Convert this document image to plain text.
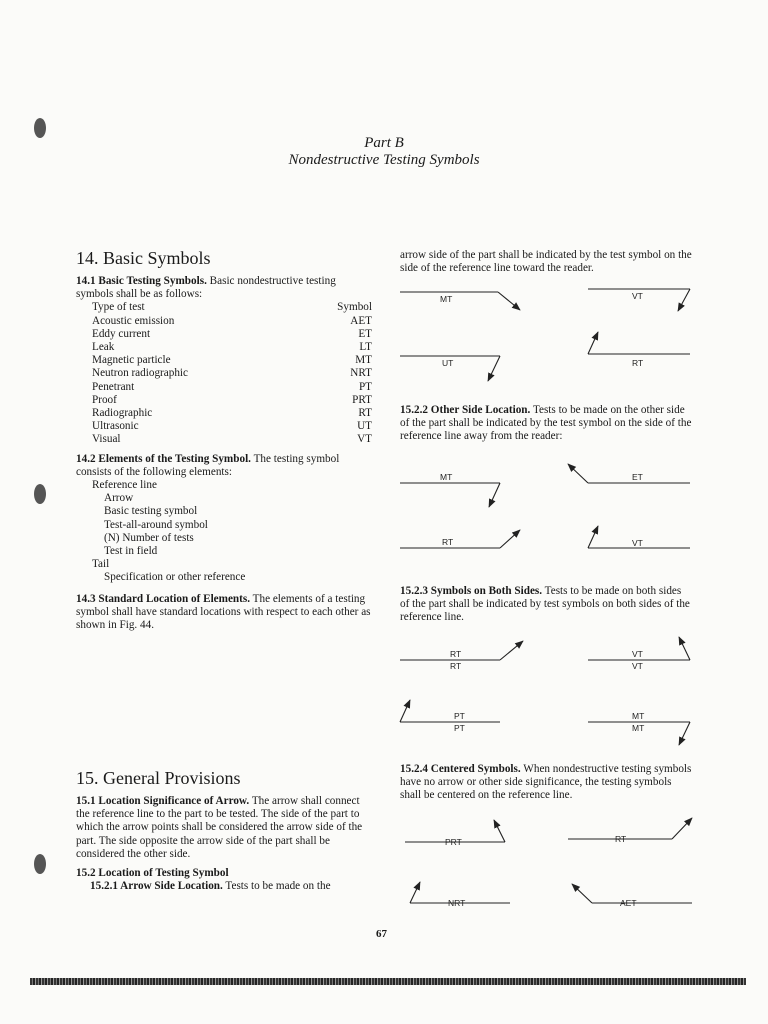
Part B
Nondestructive Testing Symbols
14. Basic Symbols
14.1 Basic Testing Symbols. Basic nondestructive testing symbols shall be as follows:
Type of test	Symbol
Acoustic emission	AET
Eddy current	ET
Leak	LT
Magnetic particle	MT
Neutron radiographic	NRT
Penetrant	PT
Proof	PRT
Radiographic	RT
Ultrasonic	UT
Visual	VT
14.2 Elements of the Testing Symbol. The testing symbol consists of the following elements:
Reference line
Arrow
Basic testing symbol
Test-all-around symbol
(N) Number of tests
Test in field
Tail
Specification or other reference
14.3 Standard Location of Elements. The elements of a testing symbol shall have standard locations with respect to each other as shown in Fig. 44.
15. General Provisions
15.1 Location Significance of Arrow. The arrow shall connect the reference line to the part to be tested. The side of the part to which the arrow points shall be considered the arrow side of the part. The side opposite the arrow side of the part shall be considered the other side.
15.2 Location of Testing Symbol
15.2.1 Arrow Side Location. Tests to be made on the
arrow side of the part shall be indicated by the test symbol on the side of the reference line toward the reader.
15.2.2 Other Side Location. Tests to be made on the other side of the part shall be indicated by the test symbol on the side of the reference line away from the reader:
15.2.3 Symbols on Both Sides. Tests to be made on both sides of the part shall be indicated by test symbols on both sides of the reference line.
15.2.4 Centered Symbols. When nondestructive testing symbols have no arrow or other side significance, the testing symbols shall be centered on the reference line.
MT	VT
UT	RT
MT	ET
RT	VT
RT
RT
VT
VT
PT
PT
MT
MT
PRT	RT
NRT	AET
67
